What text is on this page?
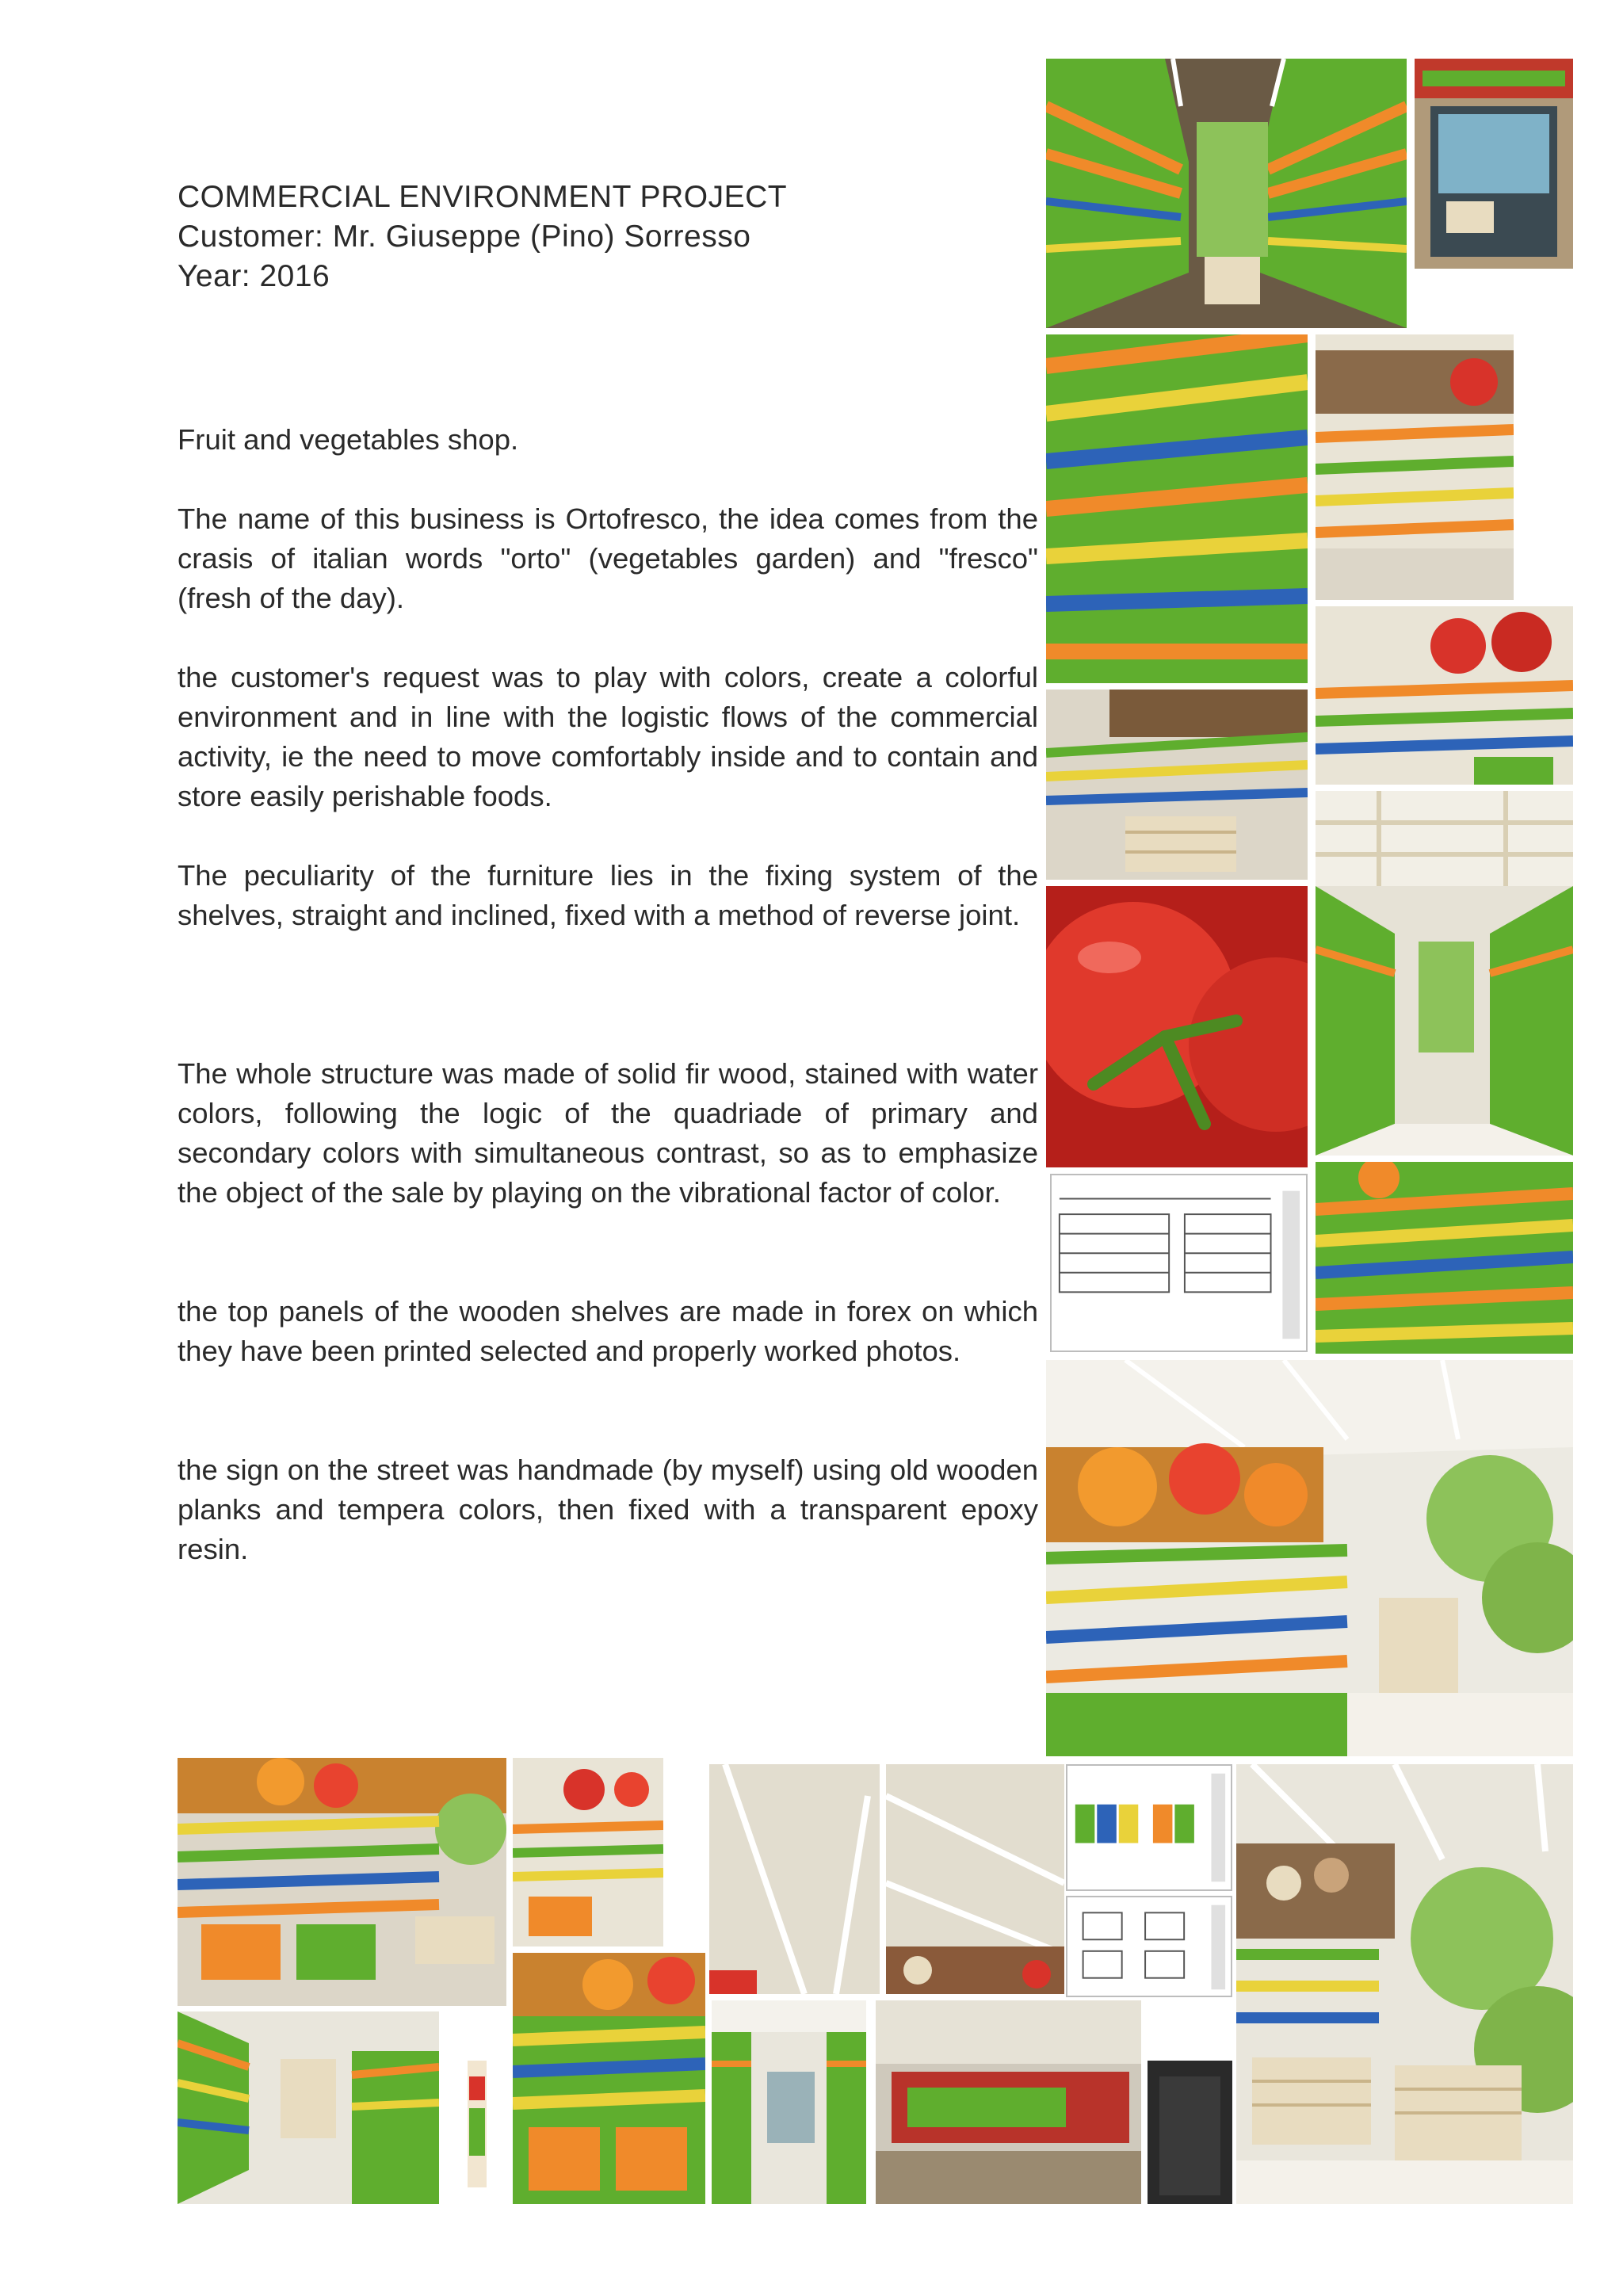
COMMERCIAL ENVIRONMENT PROJECT
Customer: Mr. Giuseppe (Pino) Sorresso
Year: 2016

Fruit and vegetables shop.

The name of this business is Ortofresco, the idea comes from the crasis of italian words "orto" (vegetables garden) and "fresco" (fresh of the day).

the customer's request was to play with colors, create a colorful environment and in line with the logistic flows of the commercial activity, ie the need to move comfortably inside and to contain and store easily perishable foods.

The peculiarity of the furniture lies in the fixing system of the shelves, straight and inclined, fixed with a method of reverse joint.

The whole structure was made of solid fir wood, stained with water colors, following the logic of the quadriade of primary and secondary colors with simultaneous contrast, so as to emphasize the object of the sale by playing on the vibrational factor of color.

the top panels of the wooden shelves are made in forex on which they have been printed selected and properly worked photos.

the sign on the street was handmade (by myself) using old wooden planks and tempera colors, then fixed with a transparent epoxy resin.
